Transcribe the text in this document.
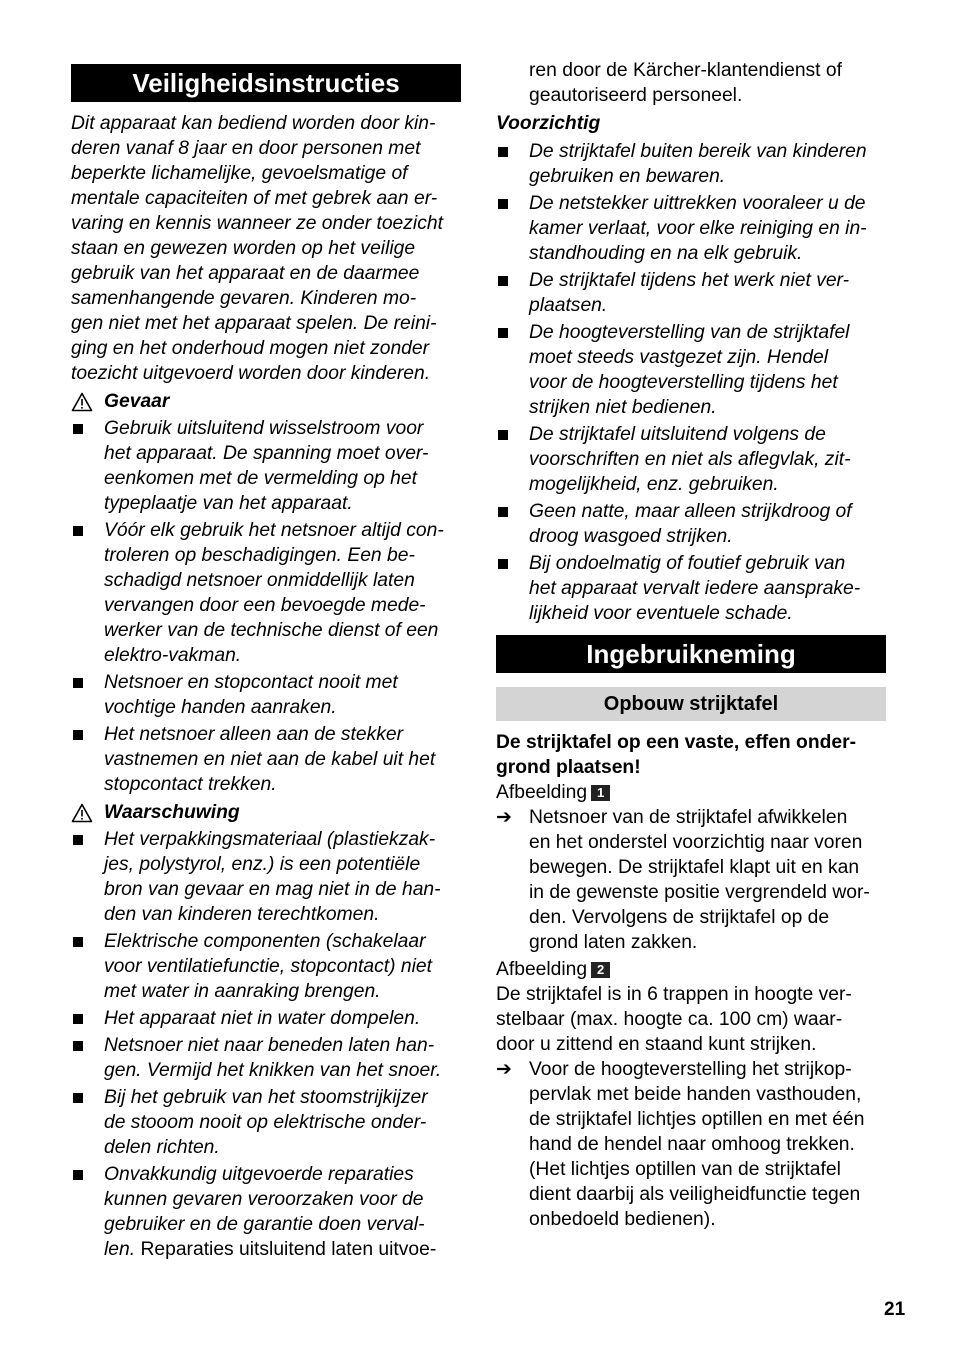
Veiligheidsinstructies

Dit apparaat kan bediend worden door kin-
deren vanaf 8 jaar en door personen met
beperkte lichamelijke, gevoelsmatige of
mentale capaciteiten of met gebrek aan er-
varing en kennis wanneer ze onder toezicht
staan en gewezen worden op het veilige
gebruik van het apparaat en de daarmee
samenhangende gevaren. Kinderen mo-
gen niet met het apparaat spelen. De reini-
ging en het onderhoud mogen niet zonder
toezicht uitgevoerd worden door kinderen.

Gevaar
Gebruik uitsluitend wisselstroom voor
het apparaat. De spanning moet over-
eenkomen met de vermelding op het
typeplaatje van het apparaat.
Vóór elk gebruik het netsnoer altijd con-
troleren op beschadigingen. Een be-
schadigd netsnoer onmiddellijk laten
vervangen door een bevoegde mede-
werker van de technische dienst of een
elektro-vakman.
Netsnoer en stopcontact nooit met
vochtige handen aanraken.
Het netsnoer alleen aan de stekker
vastnemen en niet aan de kabel uit het
stopcontact trekken.
Waarschuwing
Het verpakkingsmateriaal (plastiekzak-
jes, polystyrol, enz.) is een potentiële
bron van gevaar en mag niet in de han-
den van kinderen terechtkomen.
Elektrische componenten (schakelaar
voor ventilatiefunctie, stopcontact) niet
met water in aanraking brengen.
Het apparaat niet in water dompelen.
Netsnoer niet naar beneden laten han-
gen. Vermijd het knikken van het snoer.
Bij het gebruik van het stoomstrijkijzer
de stooom nooit op elektrische onder-
delen richten.
Onvakkundig uitgevoerde reparaties
kunnen gevaren veroorzaken voor de
gebruiker en de garantie doen verval-
len. Reparaties uitsluitend laten uitvoe-

ren door de Kärcher-klantendienst of
geautoriseerd personeel.

Voorzichtig

De strijktafel buiten bereik van kinderen
gebruiken en bewaren.
De netstekker uittrekken vooraleer u de
kamer verlaat, voor elke reiniging en in-
standhouding en na elk gebruik.
De strijktafel tijdens het werk niet ver-
plaatsen.
De hoogteverstelling van de strijktafel
moet steeds vastgezet zijn. Hendel
voor de hoogteverstelling tijdens het
strijken niet bedienen.
De strijktafel uitsluitend volgens de
voorschriften en niet als aflegvlak, zit-
mogelijkheid, enz. gebruiken.
Geen natte, maar alleen strijkdroog of
droog wasgoed strijken.
Bij ondoelmatig of foutief gebruik van
het apparaat vervalt iedere aansprake-
lijkheid voor eventuele schade.
Ingebruikneming
Opbouw strijktafel

De strijktafel op een vaste, effen onder-
grond plaatsen!

Afbeelding 1

➔ Netsnoer van de strijktafel afwikkelen
en het onderstel voorzichtig naar voren
bewegen. De strijktafel klapt uit en kan
in de gewenste positie vergrendeld wor-
den. Vervolgens de strijktafel op de
grond laten zakken.

Afbeelding 2

De strijktafel is in 6 trappen in hoogte ver-
stelbaar (max. hoogte ca. 100 cm) waar-
door u zittend en staand kunt strijken.

➔ Voor de hoogteverstelling het strijkop-
pervlak met beide handen vasthouden,
de strijktafel lichtjes optillen en met één
hand de hendel naar omhoog trekken.
(Het lichtjes optillen van de strijktafel
dient daarbij als veiligheidfunctie tegen
onbedoeld bedienen).
21
